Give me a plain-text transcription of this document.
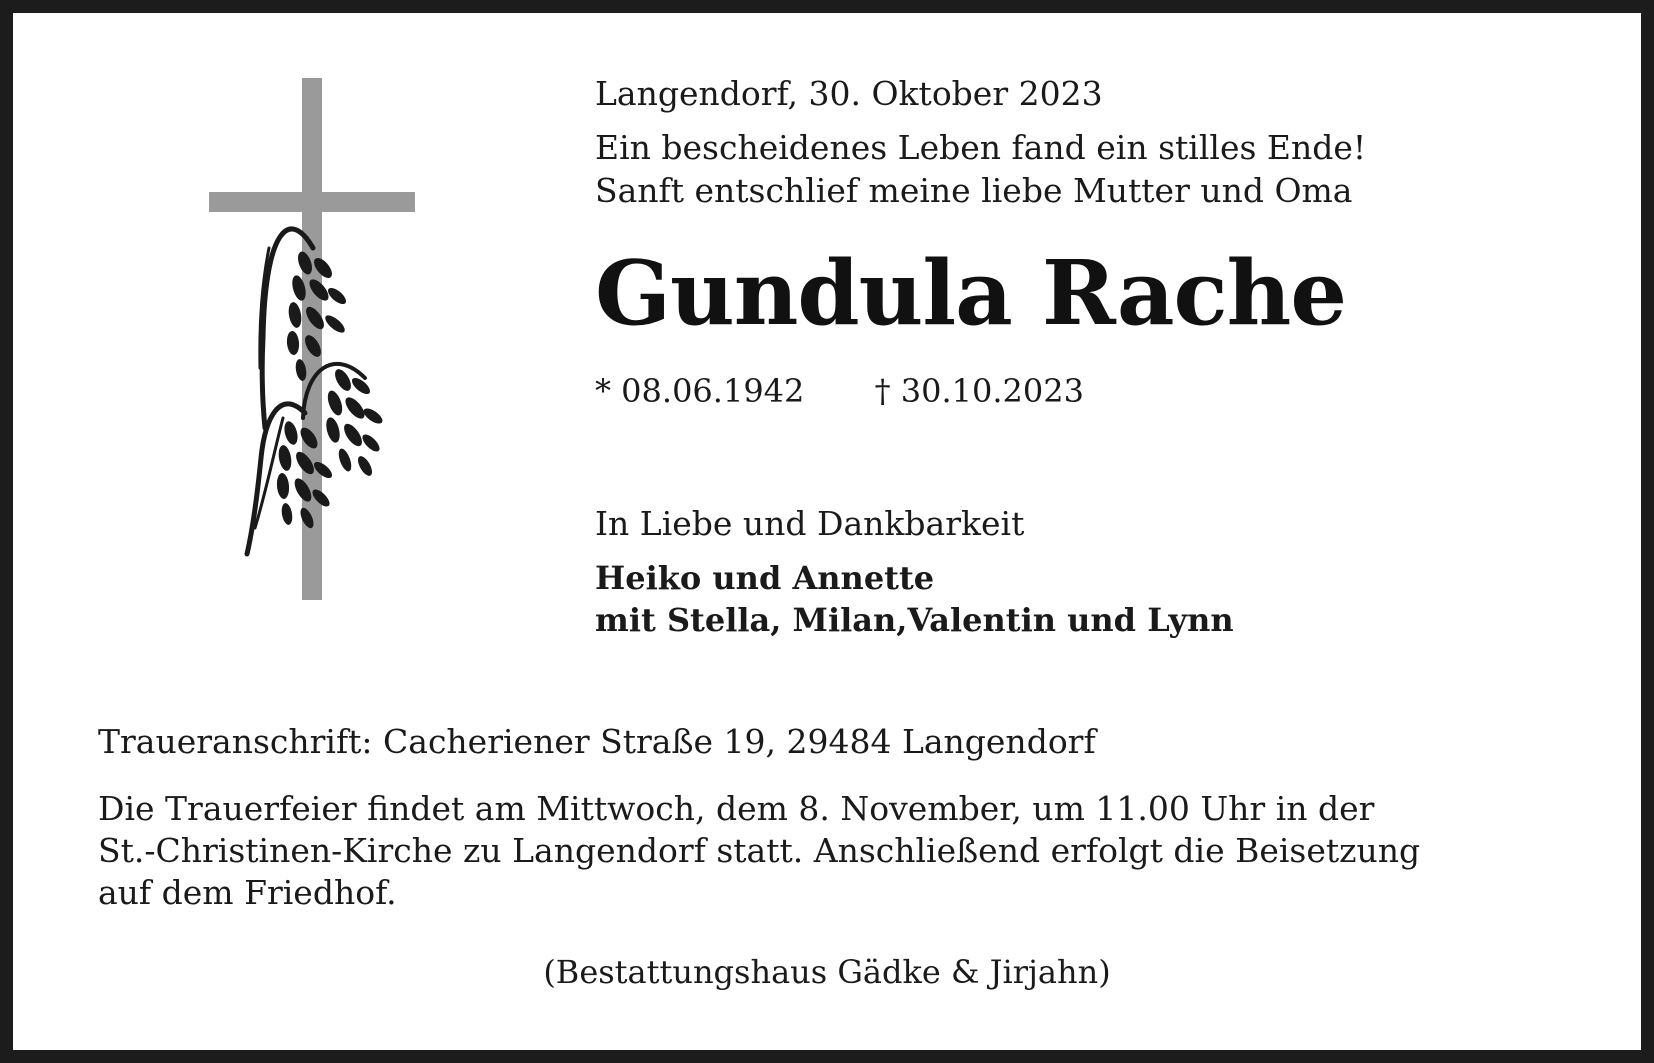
Langendorf, 30. Oktober 2023
Ein bescheidenes Leben fand ein stilles Ende!
Sanft entschlief meine liebe Mutter und Oma
Gundula Rache
* 08.06.1942 † 30.10.2023
In Liebe und Dankbarkeit
Heiko und Annette
mit Stella, Milan,Valentin und Lynn
Traueranschrift: Cacheriener Straße 19, 29484 Langendorf
Die Trauerfeier findet am Mittwoch, dem 8. November, um 11.00 Uhr in der
St.-Christinen-Kirche zu Langendorf statt. Anschließend erfolgt die Beisetzung
auf dem Friedhof.
(Bestattungshaus Gädke & Jirjahn)
